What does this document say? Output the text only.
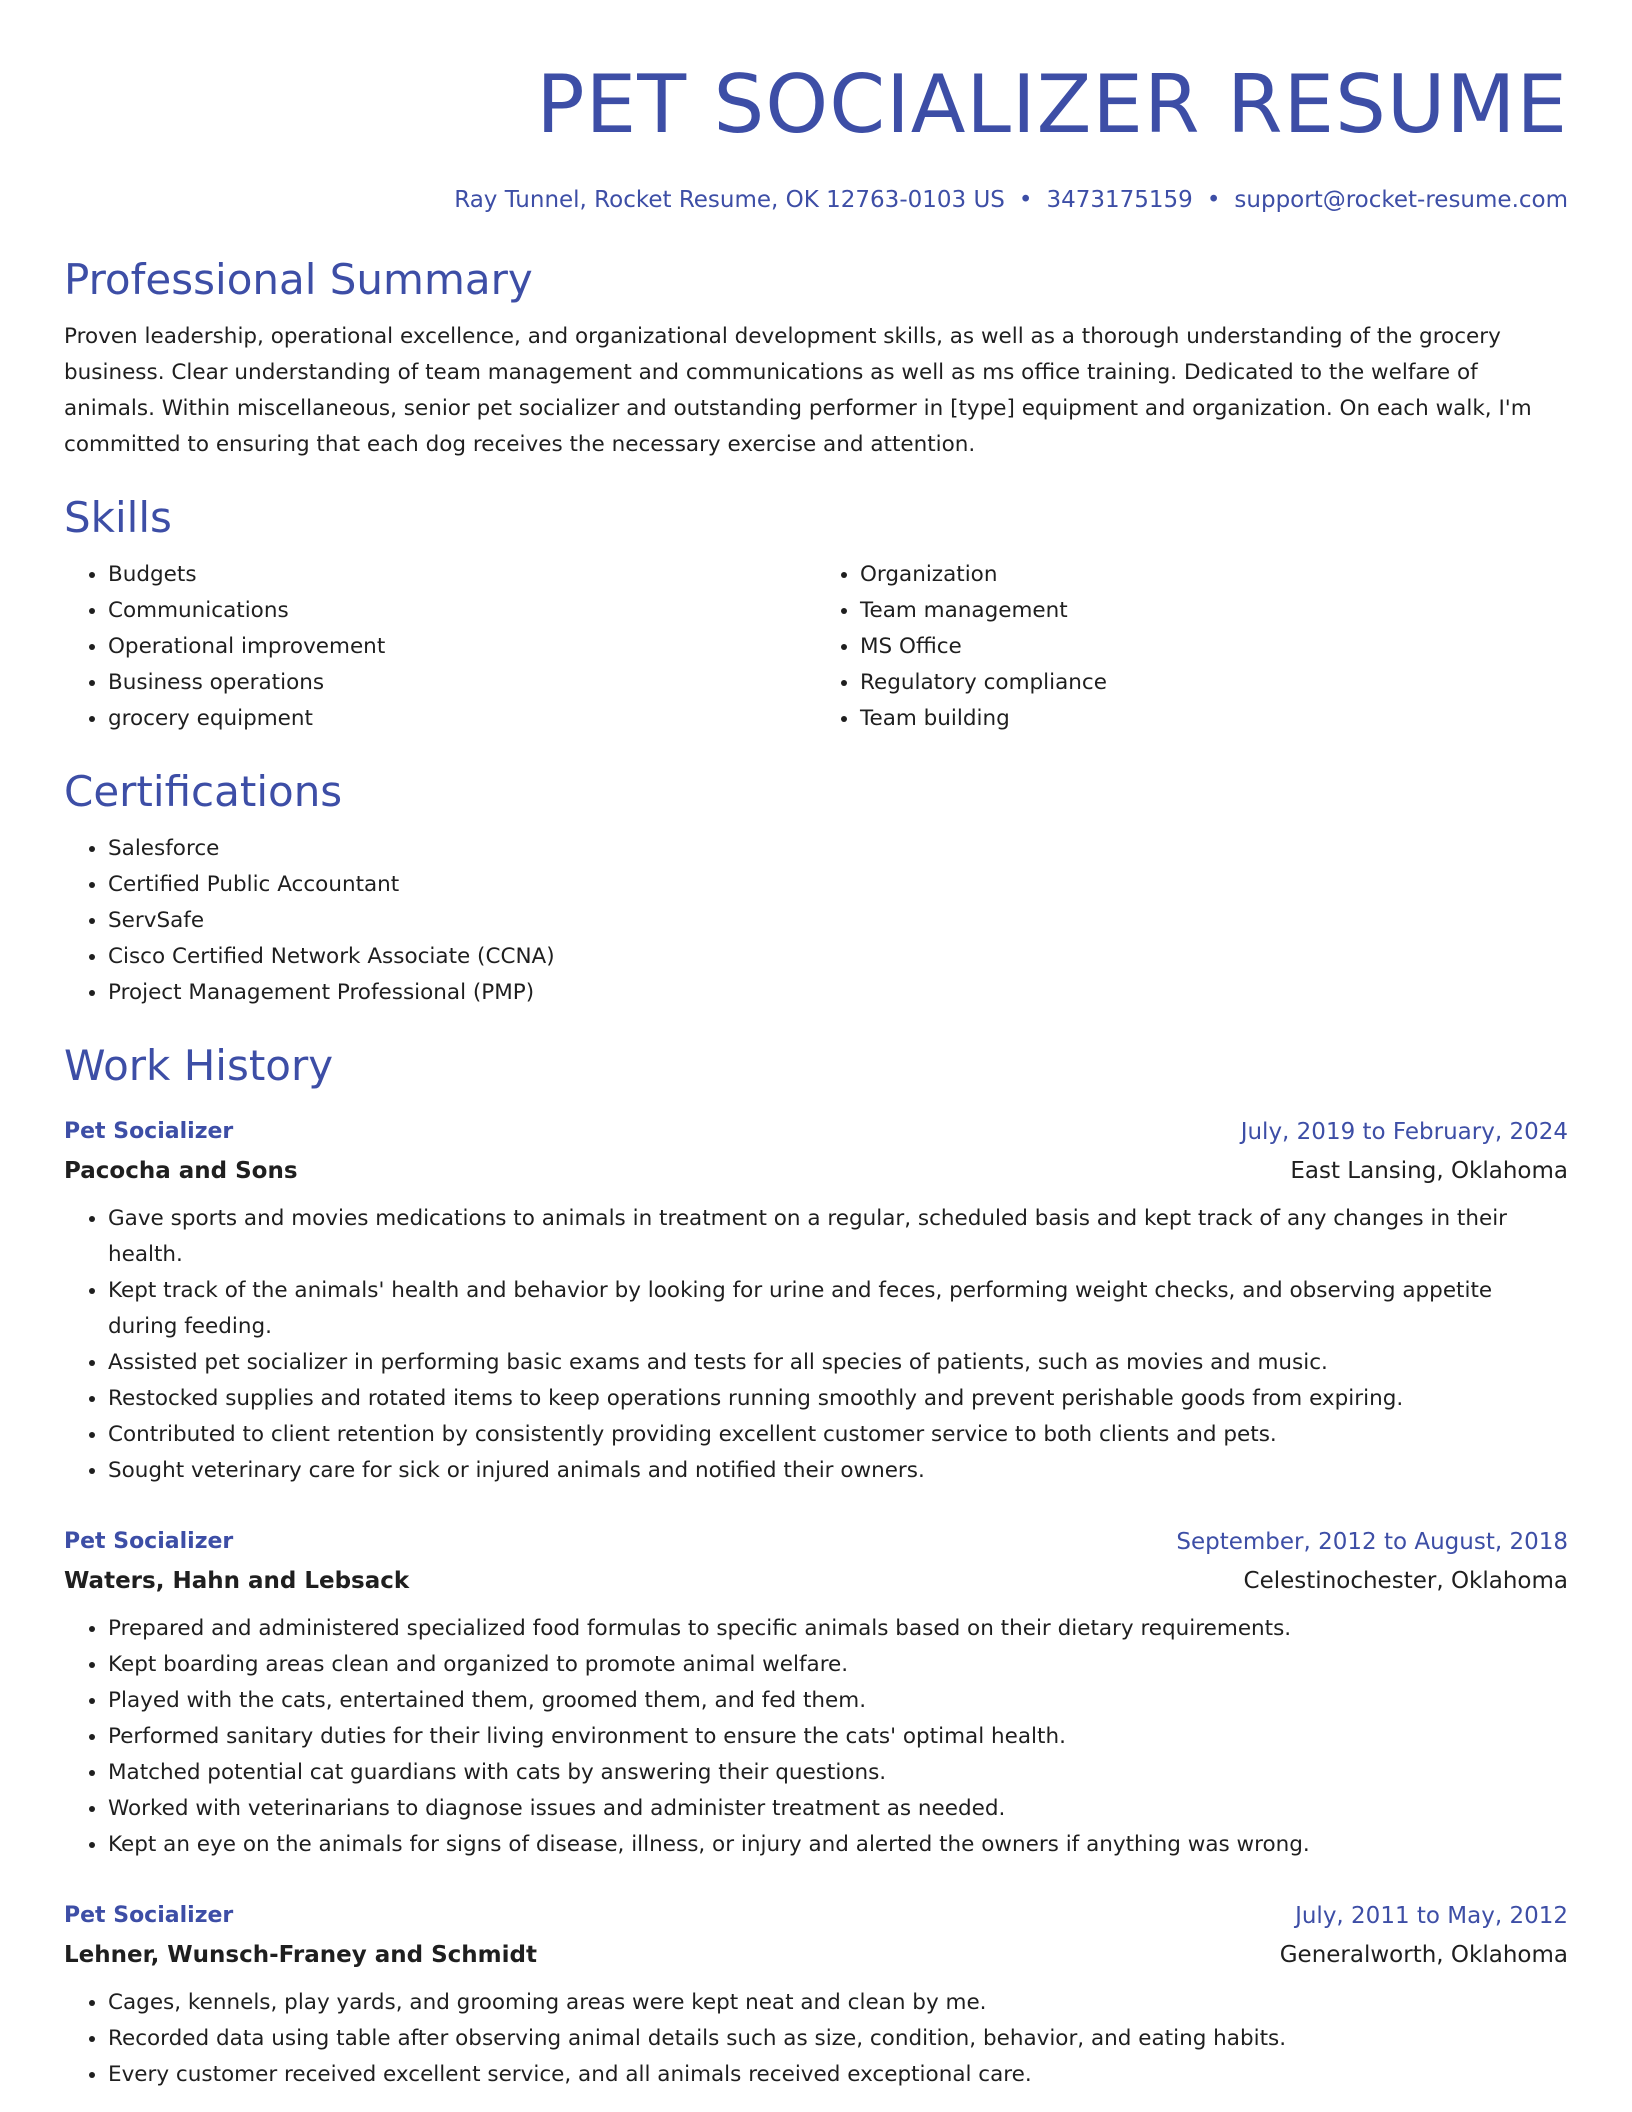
PET SOCIALIZER RESUME
Ray Tunnel, Rocket Resume, OK 12763-0103 US • 3473175159 • support@rocket-resume.com
Professional Summary

Proven leadership, operational excellence, and organizational development skills, as well as a thorough understanding of the grocery business. Clear understanding of team management and communications as well as ms office training. Dedicated to the welfare of animals. Within miscellaneous, senior pet socializer and outstanding performer in [type] equipment and organization. On each walk, I'm committed to ensuring that each dog receives the necessary exercise and attention.

Skills
• Budgets
• Communications
• Operational improvement
• Business operations
• grocery equipment
• Organization
• Team management
• MS Office
• Regulatory compliance
• Team building
Certifications
• Salesforce
• Certified Public Accountant
• ServSafe
• Cisco Certified Network Associate (CCNA)
• Project Management Professional (PMP)
Work History
Pet Socializer	July, 2019 to February, 2024
Pacocha and Sons	East Lansing, Oklahoma
• Gave sports and movies medications to animals in treatment on a regular, scheduled basis and kept track of any changes in their health.
• Kept track of the animals' health and behavior by looking for urine and feces, performing weight checks, and observing appetite during feeding.
• Assisted pet socializer in performing basic exams and tests for all species of patients, such as movies and music.
• Restocked supplies and rotated items to keep operations running smoothly and prevent perishable goods from expiring.
• Contributed to client retention by consistently providing excellent customer service to both clients and pets.
• Sought veterinary care for sick or injured animals and notified their owners.
Pet Socializer	September, 2012 to August, 2018
Waters, Hahn and Lebsack	Celestinochester, Oklahoma
• Prepared and administered specialized food formulas to specific animals based on their dietary requirements.
• Kept boarding areas clean and organized to promote animal welfare.
• Played with the cats, entertained them, groomed them, and fed them.
• Performed sanitary duties for their living environment to ensure the cats' optimal health.
• Matched potential cat guardians with cats by answering their questions.
• Worked with veterinarians to diagnose issues and administer treatment as needed.
• Kept an eye on the animals for signs of disease, illness, or injury and alerted the owners if anything was wrong.
Pet Socializer	July, 2011 to May, 2012
Lehner, Wunsch-Franey and Schmidt	Generalworth, Oklahoma
• Cages, kennels, play yards, and grooming areas were kept neat and clean by me.
• Recorded data using table after observing animal details such as size, condition, behavior, and eating habits.
• Every customer received excellent service, and all animals received exceptional care.
